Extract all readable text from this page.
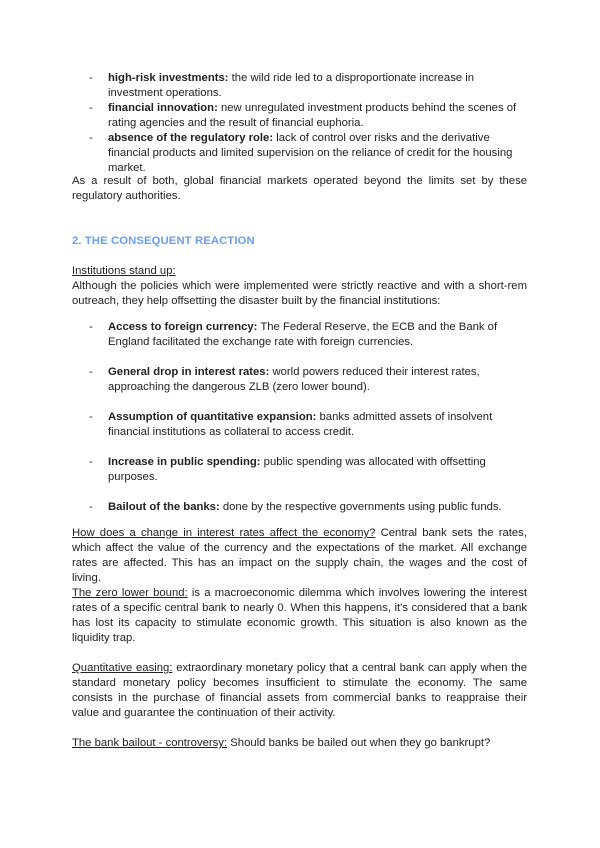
- high-risk investments: the wild ride led to a disproportionate increase in investment operations.
- financial innovation: new unregulated investment products behind the scenes of rating agencies and the result of financial euphoria.
- absence of the regulatory role: lack of control over risks and the derivative financial products and limited supervision on the reliance of credit for the housing market.

As a result of both, global financial markets operated beyond the limits set by these regulatory authorities.

2. THE CONSEQUENT REACTION
Institutions stand up:
Although the policies which were implemented were strictly reactive and with a short-rem outreach, they help offsetting the disaster built by the financial institutions:
- Access to foreign currency: The Federal Reserve, the ECB and the Bank of England facilitated the exchange rate with foreign currencies.
- General drop in interest rates: world powers reduced their interest rates, approaching the dangerous ZLB (zero lower bound).
- Assumption of quantitative expansion: banks admitted assets of insolvent financial institutions as collateral to access credit.
- Increase in public spending: public spending was allocated with offsetting purposes.
- Bailout of the banks: done by the respective governments using public funds.

How does a change in interest rates affect the economy? Central bank sets the rates, which affect the value of the currency and the expectations of the market. All exchange rates are affected. This has an impact on the supply chain, the wages and the cost of living.

The zero lower bound: is a macroeconomic dilemma which involves lowering the interest rates of a specific central bank to nearly 0. When this happens, it's considered that a bank has lost its capacity to stimulate economic growth. This situation is also known as the liquidity trap.

Quantitative easing: extraordinary monetary policy that a central bank can apply when the standard monetary policy becomes insufficient to stimulate the economy. The same consists in the purchase of financial assets from commercial banks to reappraise their value and guarantee the continuation of their activity.

The bank bailout - controversy: Should banks be bailed out when they go bankrupt?
